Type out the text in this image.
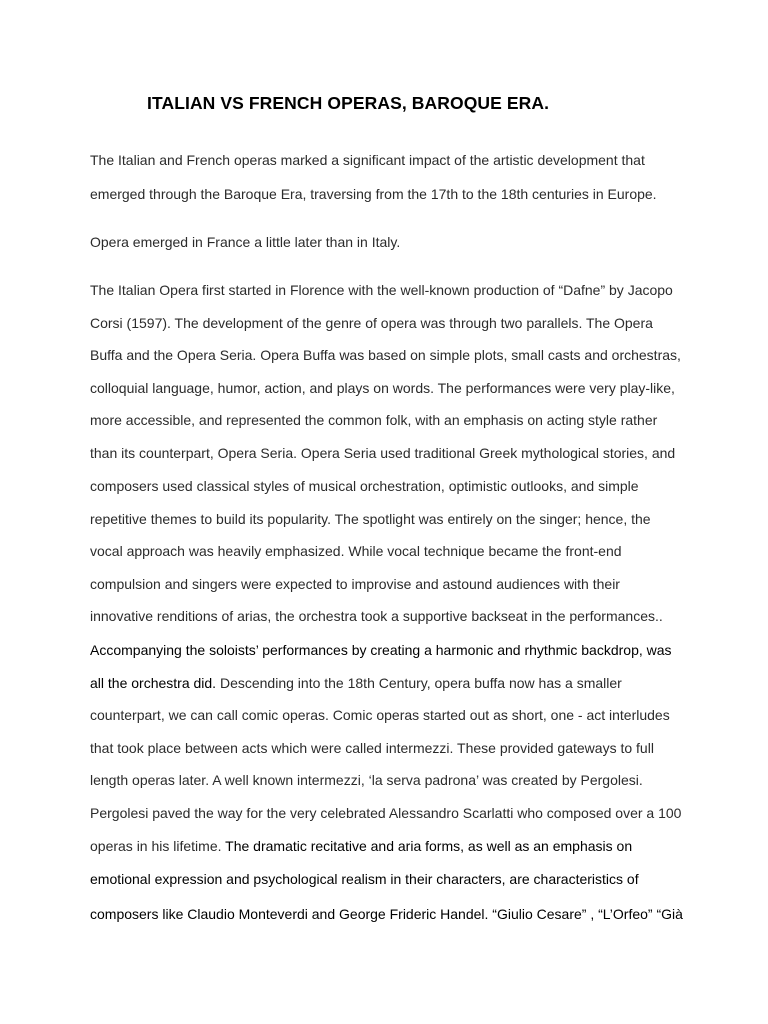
ITALIAN VS FRENCH OPERAS, BAROQUE ERA.

The Italian and French operas marked a significant impact of the artistic development that

emerged through the Baroque Era, traversing from the 17th to the 18th centuries in Europe.

Opera emerged in France a little later than in Italy.

The Italian Opera first started in Florence with the well-known production of “Dafne” by Jacopo

Corsi (1597). The development of the genre of opera was through two parallels. The Opera

Buffa and the Opera Seria. Opera Buffa was based on simple plots, small casts and orchestras,

colloquial language, humor, action, and plays on words. The performances were very play-like,

more accessible, and represented the common folk, with an emphasis on acting style rather

than its counterpart, Opera Seria. Opera Seria used traditional Greek mythological stories, and

composers used classical styles of musical orchestration, optimistic outlooks, and simple

repetitive themes to build its popularity. The spotlight was entirely on the singer; hence, the

vocal approach was heavily emphasized. While vocal technique became the front-end

compulsion and singers were expected to improvise and astound audiences with their

innovative renditions of arias, the orchestra took a supportive backseat in the performances..

Accompanying the soloists’ performances by creating a harmonic and rhythmic backdrop, was

all the orchestra did. Descending into the 18th Century, opera buffa now has a smaller

counterpart, we can call comic operas. Comic operas started out as short, one - act interludes

that took place between acts which were called intermezzi. These provided gateways to full

length operas later. A well known intermezzi, ‘la serva padrona’ was created by Pergolesi.

Pergolesi paved the way for the very celebrated Alessandro Scarlatti who composed over a 100

operas in his lifetime. The dramatic recitative and aria forms, as well as an emphasis on

emotional expression and psychological realism in their characters, are characteristics of

composers like Claudio Monteverdi and George Frideric Handel. “Giulio Cesare” , “L’Orfeo” “Già
